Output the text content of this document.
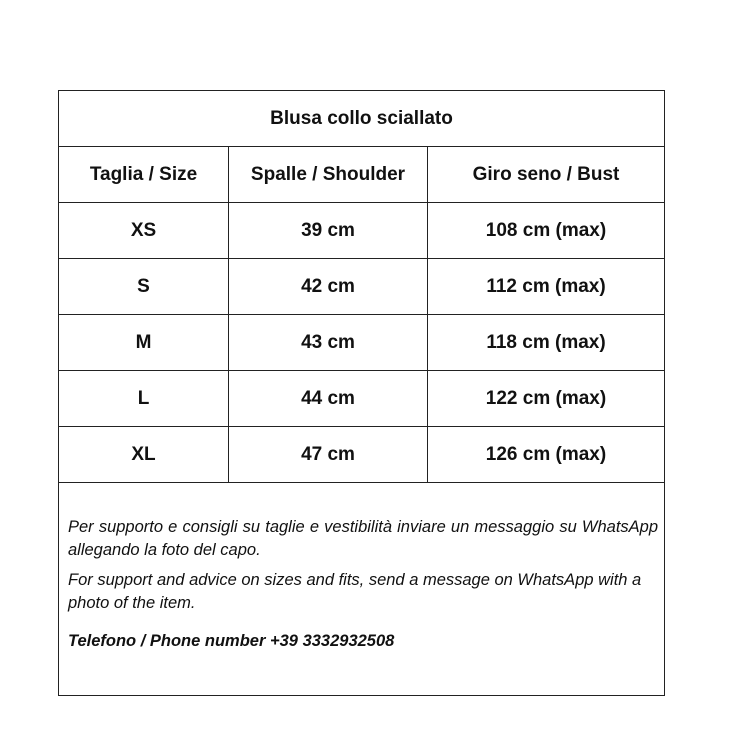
Blusa collo sciallato		
Taglia / Size	Spalle / Shoulder	Giro seno / Bust
XS	39 cm	108 cm (max)
S	42 cm	112 cm (max)
M	43 cm	118 cm (max)
L	44 cm	122 cm (max)
XL	47 cm	126 cm (max)

Per supporto e consigli su taglie e vestibilità inviare un messaggio su WhatsApp allegando la foto del capo.

For support and advice on sizes and fits, send a message on WhatsApp with a photo of the item.

Telefono / Phone number +39 3332932508		
